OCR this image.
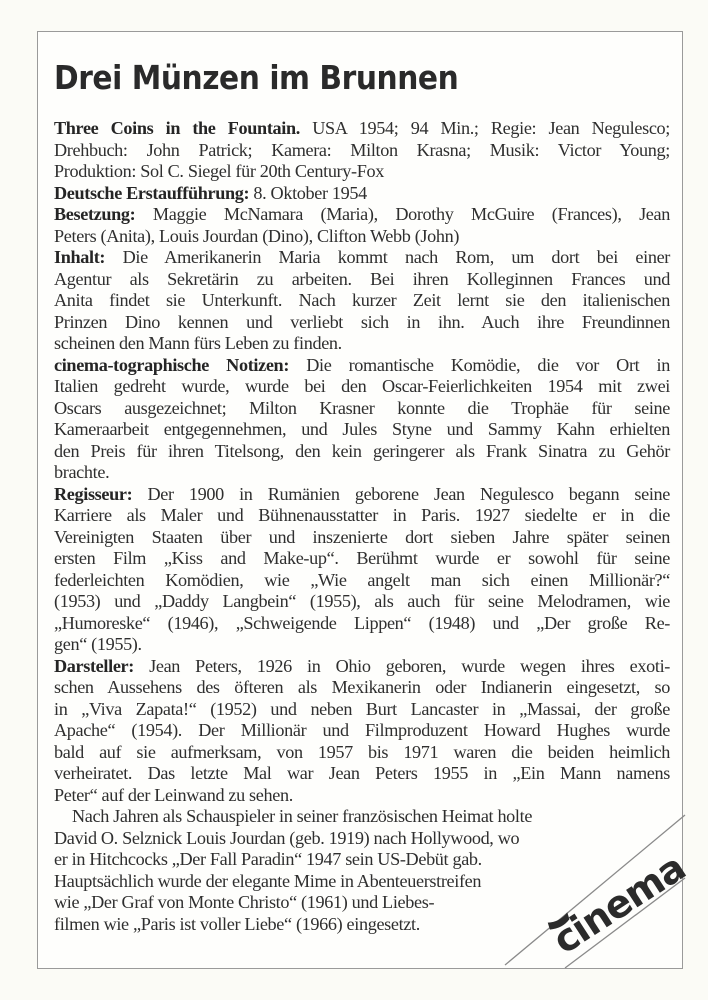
Drei Münzen im Brunnen
Three Coins in the Fountain. USA 1954; 94 Min.; Regie: Jean Negulesco;
Drehbuch: John Patrick; Kamera: Milton Krasna; Musik: Victor Young;
Produktion: Sol C. Siegel für 20th Century-Fox
Deutsche Erstaufführung: 8. Oktober 1954
Besetzung: Maggie McNamara (Maria), Dorothy McGuire (Frances), Jean
Peters (Anita), Louis Jourdan (Dino), Clifton Webb (John)
Inhalt: Die Amerikanerin Maria kommt nach Rom, um dort bei einer
Agentur als Sekretärin zu arbeiten. Bei ihren Kolleginnen Frances und
Anita findet sie Unterkunft. Nach kurzer Zeit lernt sie den italienischen
Prinzen Dino kennen und verliebt sich in ihn. Auch ihre Freundinnen
scheinen den Mann fürs Leben zu finden.
cinema-tographische Notizen: Die romantische Komödie, die vor Ort in
Italien gedreht wurde, wurde bei den Oscar-Feierlichkeiten 1954 mit zwei
Oscars ausgezeichnet; Milton Krasner konnte die Trophäe für seine
Kameraarbeit entgegennehmen, und Jules Styne und Sammy Kahn erhielten
den Preis für ihren Titelsong, den kein geringerer als Frank Sinatra zu Gehör
brachte.
Regisseur: Der 1900 in Rumänien geborene Jean Negulesco begann seine
Karriere als Maler und Bühnenausstatter in Paris. 1927 siedelte er in die
Vereinigten Staaten über und inszenierte dort sieben Jahre später seinen
ersten Film „Kiss and Make-up“. Berühmt wurde er sowohl für seine
federleichten Komödien, wie „Wie angelt man sich einen Millionär?“
(1953) und „Daddy Langbein“ (1955), als auch für seine Melodramen, wie
„Humoreske“ (1946), „Schweigende Lippen“ (1948) und „Der große Re-
gen“ (1955).
Darsteller: Jean Peters, 1926 in Ohio geboren, wurde wegen ihres exoti-
schen Aussehens des öfteren als Mexikanerin oder Indianerin eingesetzt, so
in „Viva Zapata!“ (1952) und neben Burt Lancaster in „Massai, der große
Apache“ (1954). Der Millionär und Filmproduzent Howard Hughes wurde
bald auf sie aufmerksam, von 1957 bis 1971 waren die beiden heimlich
verheiratet. Das letzte Mal war Jean Peters 1955 in „Ein Mann namens
Peter“ auf der Leinwand zu sehen.
Nach Jahren als Schauspieler in seiner französischen Heimat holte
David O. Selznick Louis Jourdan (geb. 1919) nach Hollywood, wo
er in Hitchcocks „Der Fall Paradin“ 1947 sein US-Debüt gab.
Hauptsächlich wurde der elegante Mime in Abenteuerstreifen
wie „Der Graf von Monte Christo“ (1961) und Liebes-
filmen wie „Paris ist voller Liebe“ (1966) eingesetzt.	cinema
